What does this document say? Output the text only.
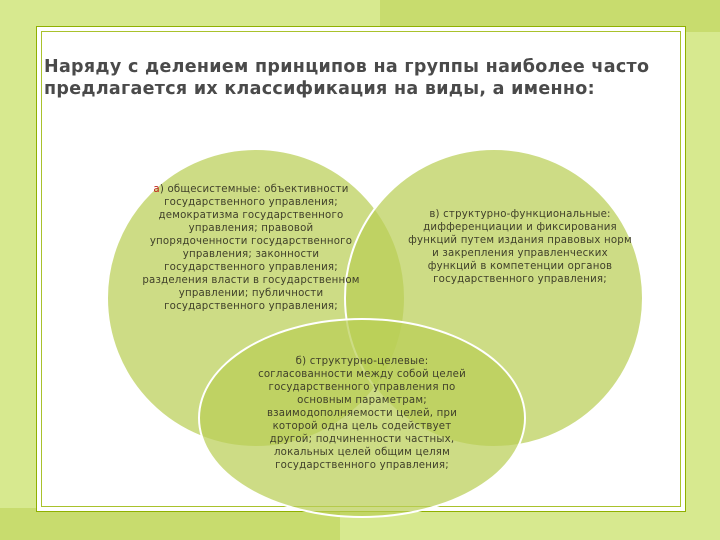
Наряду с делением принципов на группы наиболее часто
предлагается их классификация на виды, а именно:
а) общесистемные: объективности государственного управления; демократизма государственного управления; правовой упорядоченности государственного управления; законности государственного управления; разделения власти в государственном управлении; публичности государственного управления;
в) структурно-функциональные: дифференциации и фиксирования функций путем издания правовых норм и закрепления управленческих функций в компетенции органов государственного управления;
б) структурно-целевые: согласованности между собой целей государственного управления по основным параметрам; взаимодополняемости целей, при которой одна цель содействует другой; подчиненности частных, локальных целей общим целям государственного управления;
